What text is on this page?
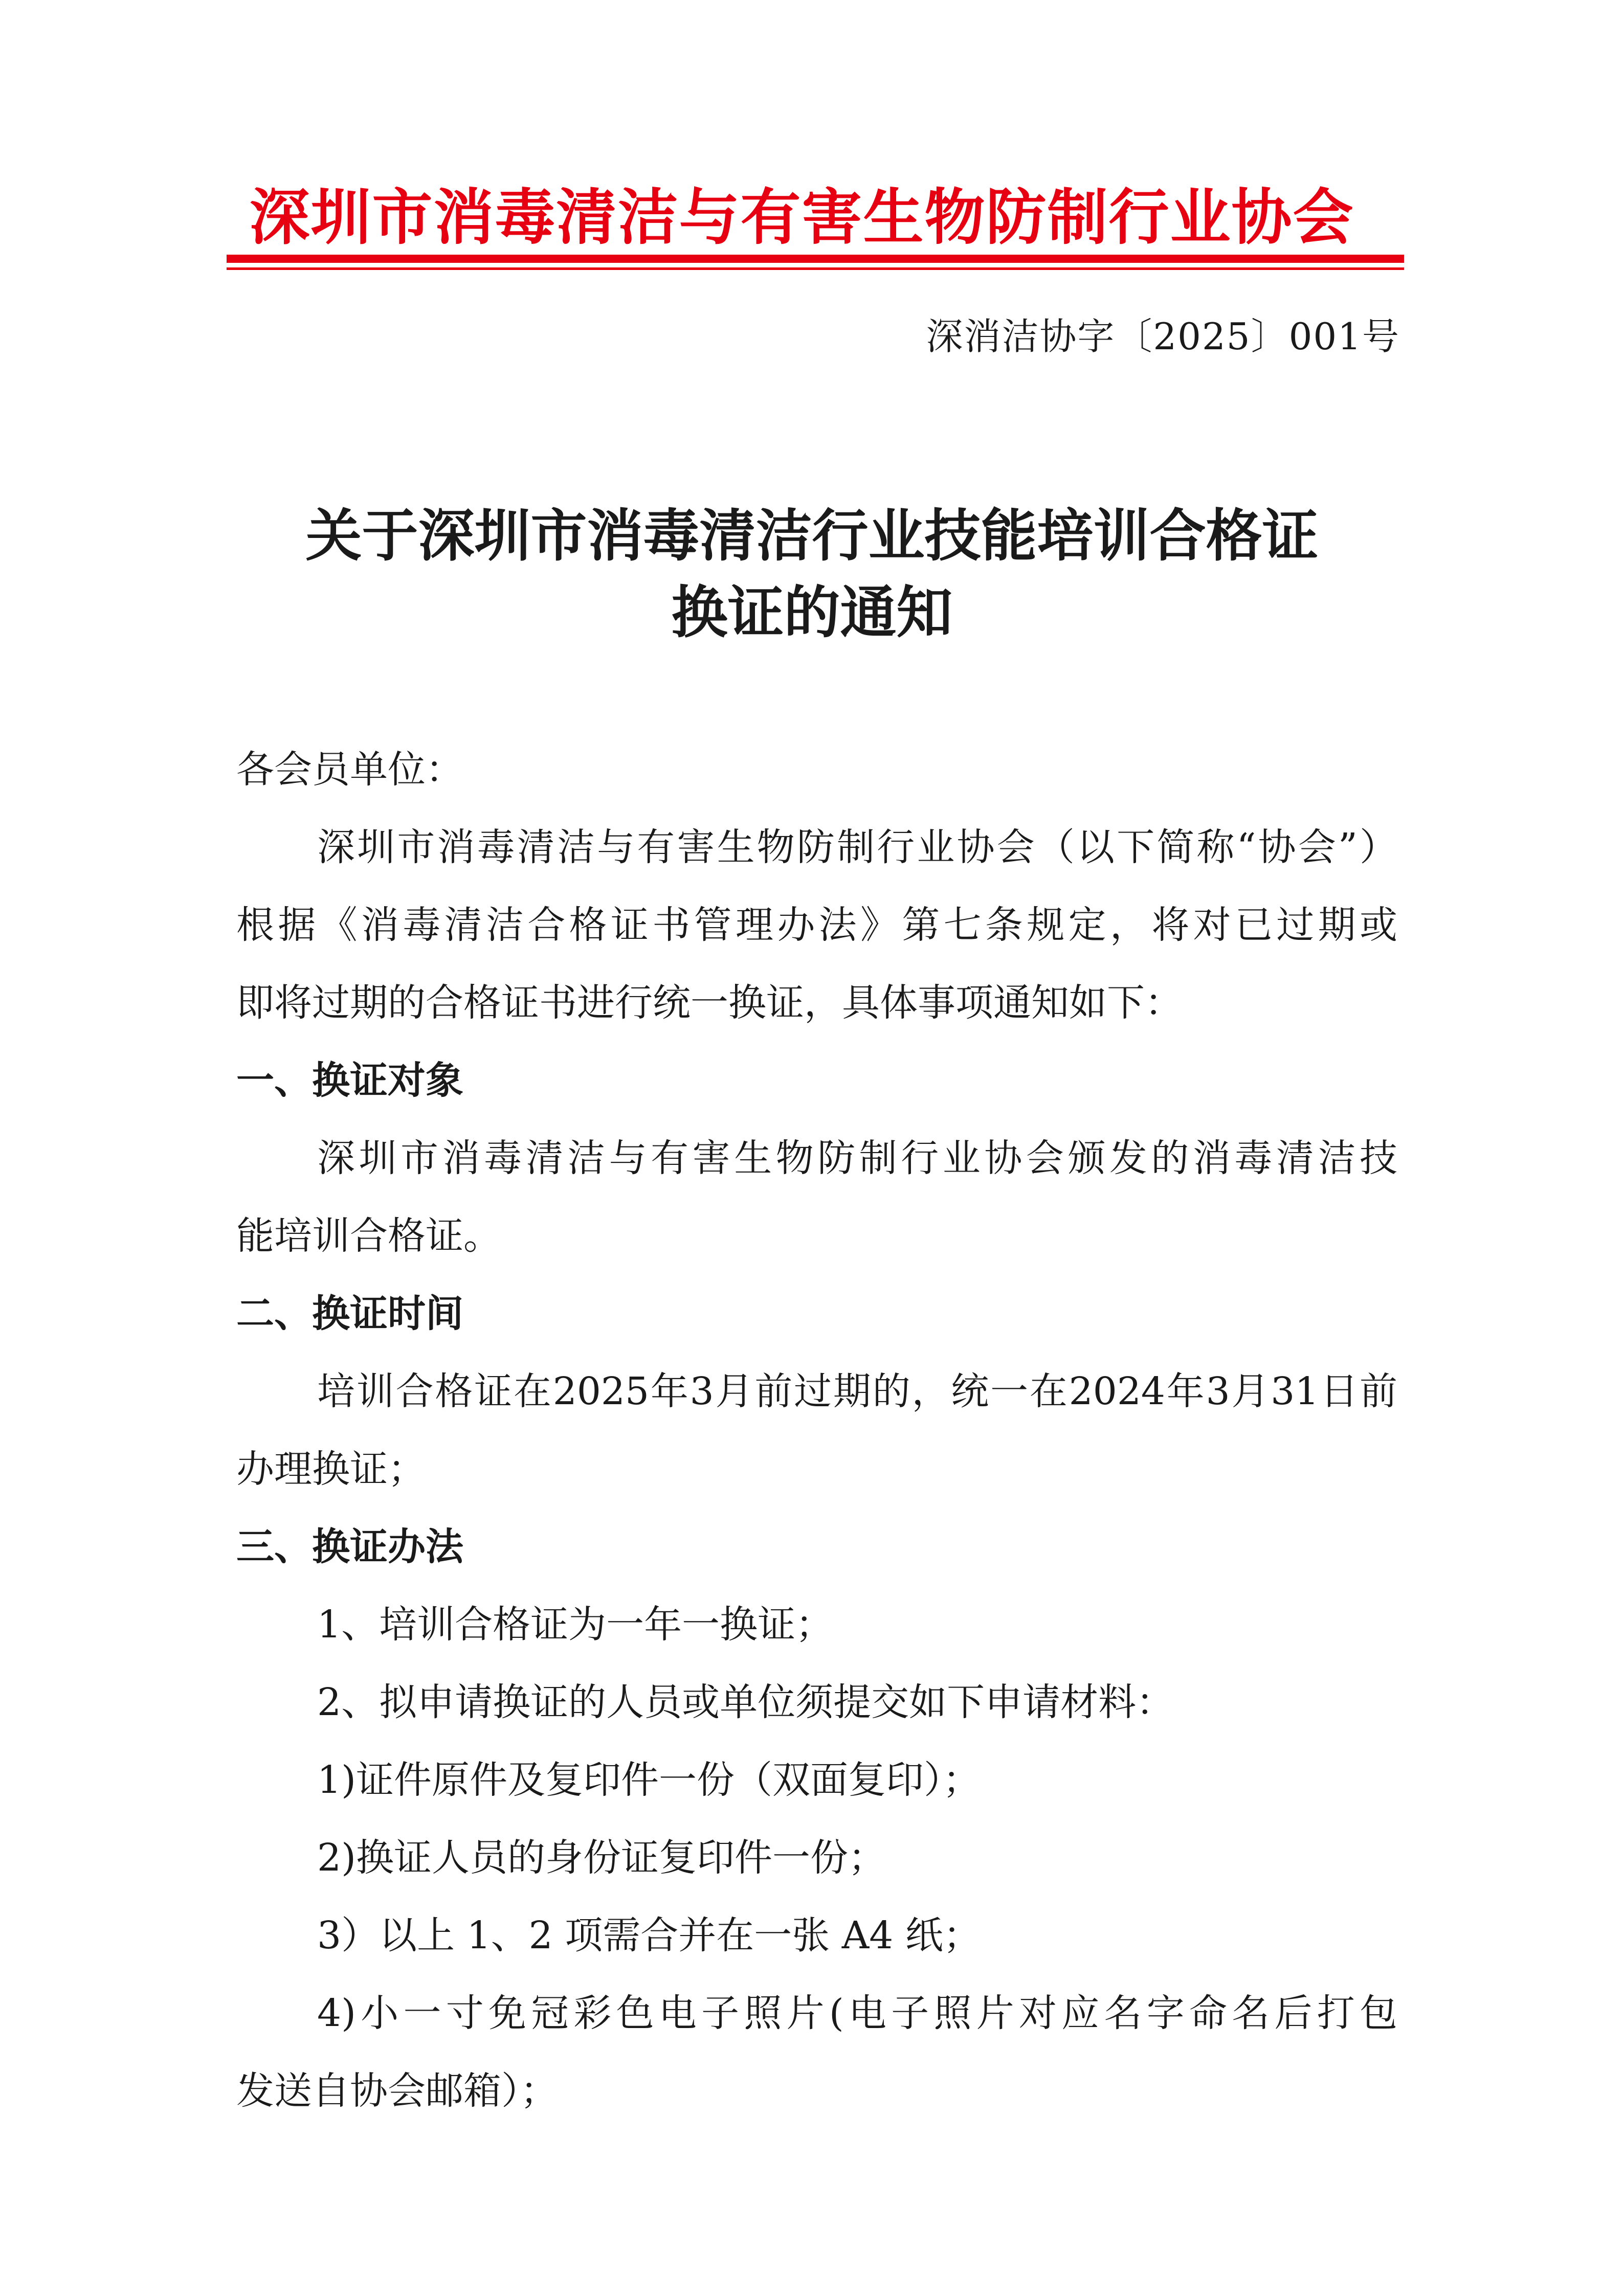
深圳市消毒清洁与有害生物防制行业协会
深消洁协字〔2025〕001号
关于深圳市消毒清洁行业技能培训合格证
换证的通知
各会员单位：
深圳市消毒清洁与有害生物防制行业协会（以下简称“协会”）
根据《消毒清洁合格证书管理办法》第七条规定，将对已过期或
即将过期的合格证书进行统一换证，具体事项通知如下：
一、换证对象
深圳市消毒清洁与有害生物防制行业协会颁发的消毒清洁技
能培训合格证。
二、换证时间
培训合格证在2025年3月前过期的，统一在2024年3月31日前
办理换证；
三、换证办法
1、培训合格证为一年一换证；
2、拟申请换证的人员或单位须提交如下申请材料：
1)证件原件及复印件一份（双面复印）；
2)换证人员的身份证复印件一份；
3）以上 1、2 项需合并在一张 A4 纸；
4)小一寸免冠彩色电子照片(电子照片对应名字命名后打包
发送自协会邮箱）；
